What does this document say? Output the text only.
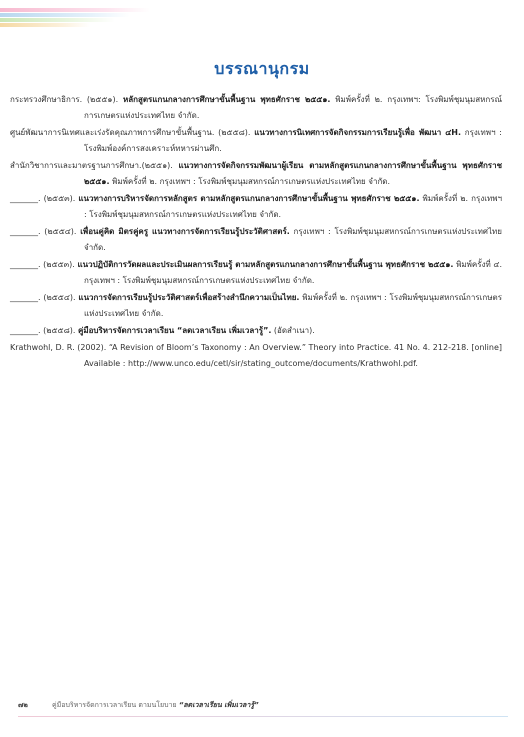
บรรณานุกรม

กระทรวงศึกษาธิการ. (๒๕๕๑). หลักสูตรแกนกลางการศึกษาขั้นพื้นฐาน พุทธศักราช ๒๕๕๑. พิมพ์ครั้งที่ ๒. กรุงเทพฯ: โรงพิมพ์ชุมนุมสหกรณ์การเกษตรแห่งประเทศไทย จำกัด.

ศูนย์พัฒนาการนิเทศและเร่งรัดคุณภาพการศึกษาขั้นพื้นฐาน. (๒๕๕๘). แนวทางการนิเทศการจัดกิจกรรมการเรียนรู้เพื่อ พัฒนา ๔H. กรุงเทพฯ : โรงพิมพ์องค์การสงเคราะห์ทหารผ่านศึก.

สำนักวิชาการและมาตรฐานการศึกษา.(๒๕๕๑). แนวทางการจัดกิจกรรมพัฒนาผู้เรียน ตามหลักสูตรแกนกลางการศึกษาขั้นพื้นฐาน พุทธศักราช ๒๕๕๑. พิมพ์ครั้งที่ ๒. กรุงเทพฯ : โรงพิมพ์ชุมนุมสหกรณ์การเกษตรแห่งประเทศไทย จำกัด.

_______. (๒๕๕๓). แนวทางการบริหารจัดการหลักสูตร ตามหลักสูตรแกนกลางการศึกษาขั้นพื้นฐาน พุทธศักราช ๒๕๕๑. พิมพ์ครั้งที่ ๒. กรุงเทพฯ : โรงพิมพ์ชุมนุมสหกรณ์การเกษตรแห่งประเทศไทย จำกัด.

_______. (๒๕๕๔). เพื่อนคู่คิด มิตรคู่ครู แนวทางการจัดการเรียนรู้ประวัติศาสตร์. กรุงเทพฯ : โรงพิมพ์ชุมนุมสหกรณ์การเกษตรแห่งประเทศไทย จำกัด.

_______. (๒๕๕๓). แนวปฏิบัติการวัดผลและประเมินผลการเรียนรู้ ตามหลักสูตรแกนกลางการศึกษาขั้นพื้นฐาน พุทธศักราช ๒๕๕๑. พิมพ์ครั้งที่ ๔. กรุงเทพฯ : โรงพิมพ์ชุมนุมสหกรณ์การเกษตรแห่งประเทศไทย จำกัด.

_______. (๒๕๕๔). แนวการจัดการเรียนรู้ประวัติศาสตร์เพื่อสร้างสำนึกความเป็นไทย. พิมพ์ครั้งที่ ๒. กรุงเทพฯ : โรงพิมพ์ชุมนุมสหกรณ์การเกษตรแห่งประเทศไทย จำกัด.

_______. (๒๕๕๘). คู่มือบริหารจัดการเวลาเรียน “ลดเวลาเรียน เพิ่มเวลารู้”. (อัดสำเนา).

Krathwohl, D. R. (2002). “A Revision of Bloom’s Taxonomy : An Overview.” Theory into Practice. 41 No. 4. 212-218. [online] Available : http://www.unco.edu/cetl/sir/stating_outcome/documents/Krathwohl.pdf.

๗๒	คู่มือบริหารจัดการเวลาเรียน ตามนโยบาย “ลดเวลาเรียน เพิ่มเวลารู้”
